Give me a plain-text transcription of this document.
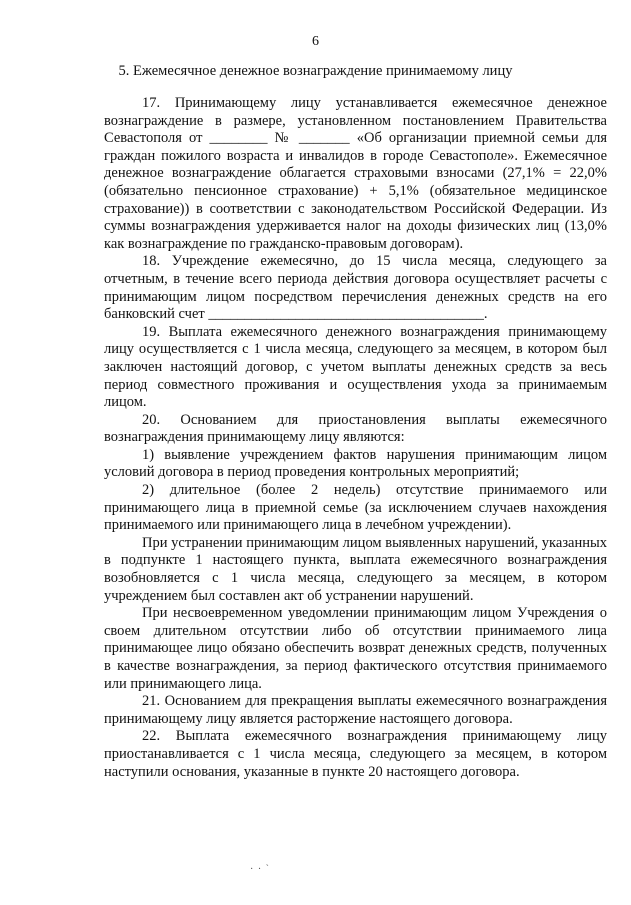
6
5. Ежемесячное денежное вознаграждение принимаемому лицу

17. Принимающему лицу устанавливается ежемесячное денежное вознаграждение в размере, установленном постановлением Правительства Севастополя от ________ № _______ «Об организации приемной семьи для граждан пожилого возраста и инвалидов в городе Севастополе». Ежемесячное денежное вознаграждение облагается страховыми взносами (27,1% = 22,0% (обязательно пенсионное страхование) + 5,1% (обязательное медицинское страхование)) в соответствии с законодательством Российской Федерации. Из суммы вознаграждения удерживается налог на доходы физических лиц (13,0% как вознаграждение по гражданско-правовым договорам).

18. Учреждение ежемесячно, до 15 числа месяца, следующего за отчетным, в течение всего периода действия договора осуществляет расчеты с принимающим лицом посредством перечисления денежных средств на его банковский счет ______________________________________.

19. Выплата ежемесячного денежного вознаграждения принимающему лицу осуществляется с 1 числа месяца, следующего за месяцем, в котором был заключен настоящий договор, с учетом выплаты денежных средств за весь период совместного проживания и осуществления ухода за принимаемым лицом.

20. Основанием для приостановления выплаты ежемесячного вознаграждения принимающему лицу являются:

1) выявление учреждением фактов нарушения принимающим лицом условий договора в период проведения контрольных мероприятий;

2) длительное (более 2 недель) отсутствие принимаемого или принимающего лица в приемной семье (за исключением случаев нахождения принимаемого или принимающего лица в лечебном учреждении).

При устранении принимающим лицом выявленных нарушений, указанных в подпункте 1 настоящего пункта, выплата ежемесячного вознаграждения возобновляется с 1 числа месяца, следующего за месяцем, в котором учреждением был составлен акт об устранении нарушений.

При несвоевременном уведомлении принимающим лицом Учреждения о своем длительном отсутствии либо об отсутствии принимаемого лица принимающее лицо обязано обеспечить возврат денежных средств, полученных в качестве вознаграждения, за период фактического отсутствия принимаемого или принимающего лица.

21. Основанием для прекращения выплаты ежемесячного вознаграждения принимающему лицу является расторжение настоящего договора.

22. Выплата ежемесячного вознаграждения принимающему лицу приостанавливается с 1 числа месяца, следующего за месяцем, в котором наступили основания, указанные в пункте 20 настоящего договора.

· · ˋ
